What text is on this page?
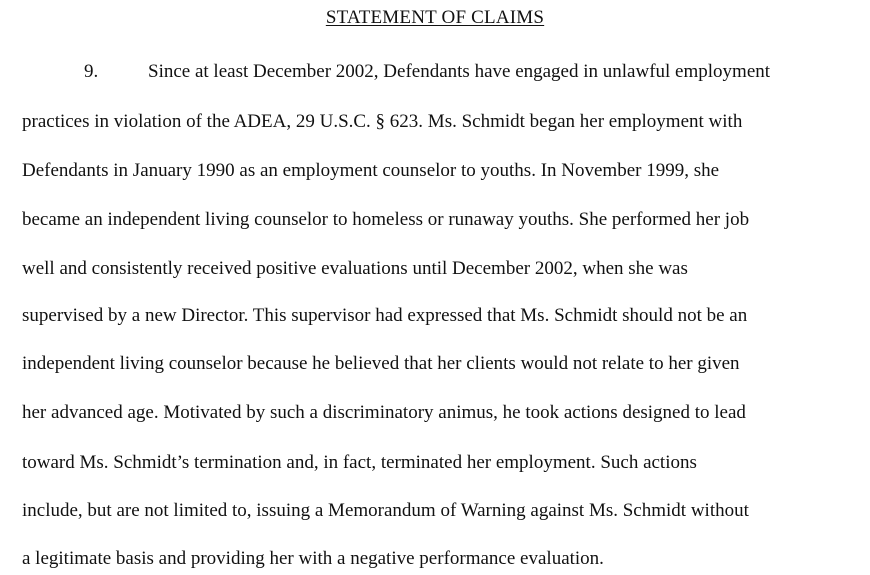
STATEMENT OF CLAIMS
9.	Since at least December 2002, Defendants have engaged in unlawful employment
practices in violation of the ADEA, 29 U.S.C. § 623. Ms. Schmidt began her employment with
Defendants in January 1990 as an employment counselor to youths. In November 1999, she
became an independent living counselor to homeless or runaway youths. She performed her job
well and consistently received positive evaluations until December 2002, when she was
supervised by a new Director. This supervisor had expressed that Ms. Schmidt should not be an
independent living counselor because he believed that her clients would not relate to her given
her advanced age. Motivated by such a discriminatory animus, he took actions designed to lead
toward Ms. Schmidt’s termination and, in fact, terminated her employment. Such actions
include, but are not limited to, issuing a Memorandum of Warning against Ms. Schmidt without
a legitimate basis and providing her with a negative performance evaluation.
